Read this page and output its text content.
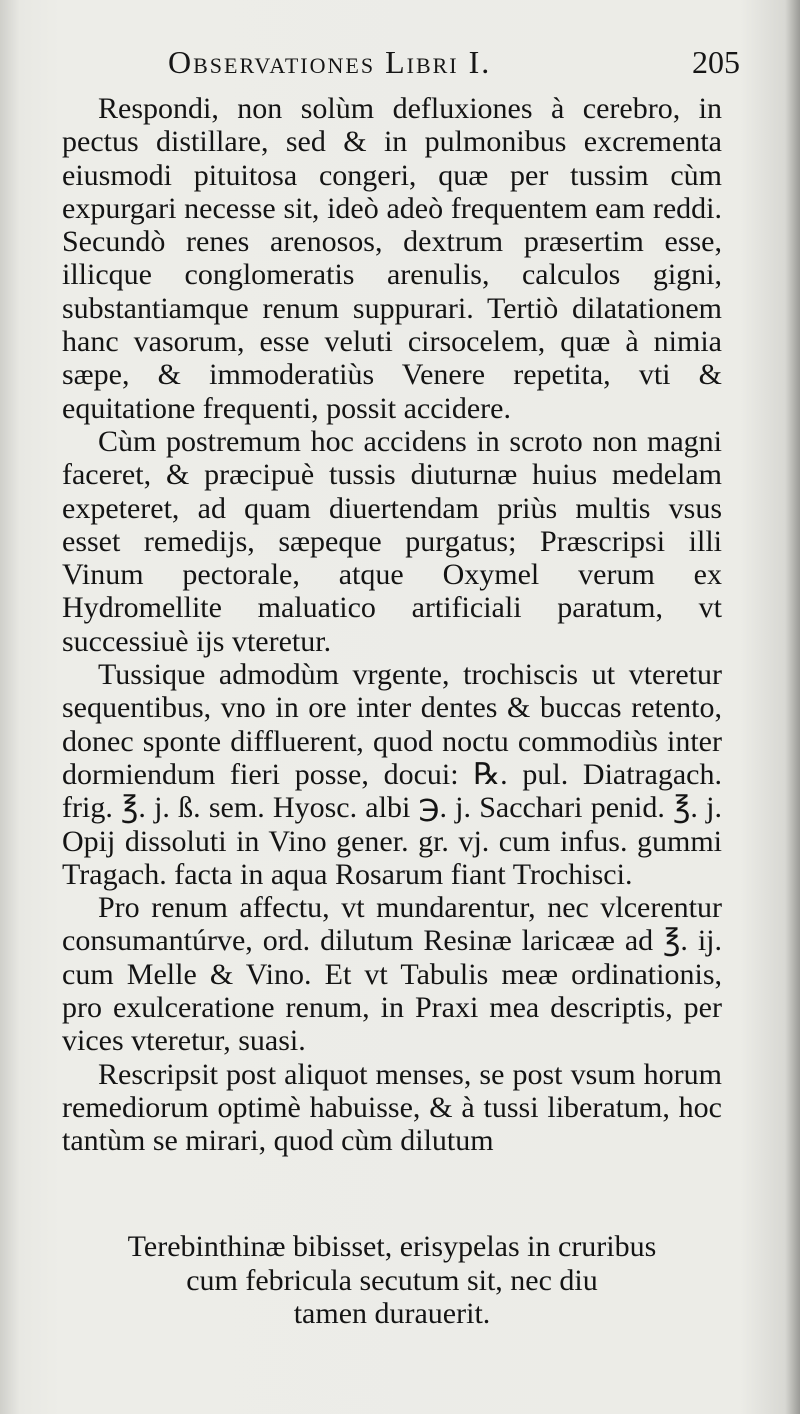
Observationes Libri I.	205

Respondi, non solùm defluxiones à cerebro, in pectus distillare, sed & in pulmonibus excrementa eiusmodi pituitosa congeri, quæ per tussim cùm expurgari necesse sit, ideò adeò frequentem eam reddi. Secundò renes arenosos, dextrum præsertim esse, illicque conglomeratis arenulis, calculos gigni, substantiamque renum suppurari. Tertiò dilatationem hanc vasorum, esse veluti cirsocelem, quæ à nimia sæpe, & immoderatiùs Venere repetita, vti & equitatione frequenti, possit accidere.

Cùm postremum hoc accidens in scroto non magni faceret, & præcipuè tussis diuturnæ huius medelam expeteret, ad quam diuertendam priùs multis vsus esset remedijs, sæpeque purgatus; Præscripsi illi Vinum pectorale, atque Oxymel verum ex Hydromellite maluatico artificiali paratum, vt successiuè ijs vteretur.

Tussique admodùm vrgente, trochiscis ut vteretur sequentibus, vno in ore inter dentes & buccas retento, donec sponte diffluerent, quod noctu commodiùs inter dormiendum fieri posse, docui: ℞. pul. Diatragach. frig. ℥. j. ß. sem. Hyosc. albi ℈. j. Sacchari penid. ℥. j. Opij dissoluti in Vino gener. gr. vj. cum infus. gummi Tragach. facta in aqua Rosarum fiant Trochisci.

Pro renum affectu, vt mundarentur, nec vlcerentur consumantúrve, ord. dilutum Resinæ laricææ ad ℥. ij. cum Melle & Vino. Et vt Tabulis meæ ordinationis, pro exulceratione renum, in Praxi mea descriptis, per vices vteretur, suasi.

Rescripsit post aliquot menses, se post vsum horum remediorum optimè habuisse, & à tussi liberatum, hoc tantùm se mirari, quod cùm dilutum

Terebinthinæ bibisset, erisypelas in cruribus
cum febricula secutum sit, nec diu
tamen durauerit.
